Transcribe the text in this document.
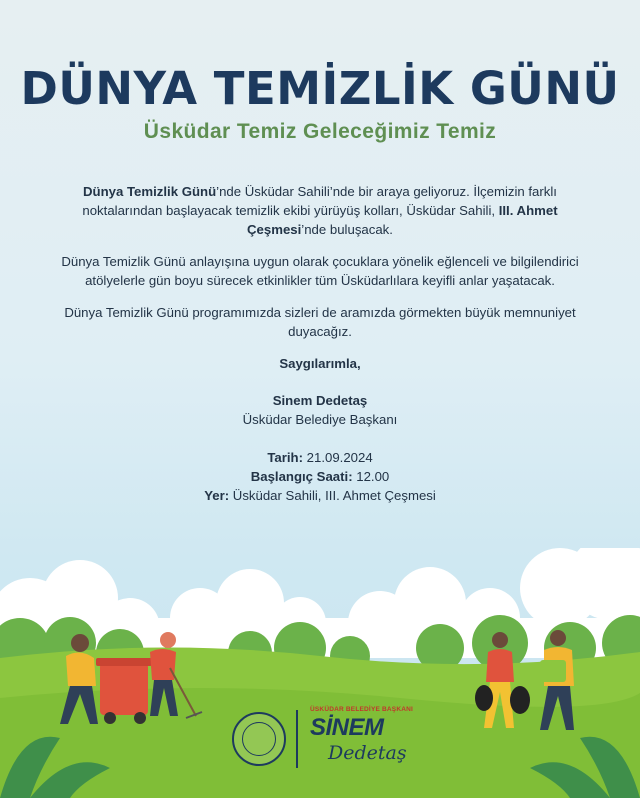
DÜNYA TEMİZLİK GÜNÜ
Üsküdar Temiz Geleceğimiz Temiz

Dünya Temizlik Günü’nde Üsküdar Sahili’nde bir araya geliyoruz. İlçemizin farklı noktalarından başlayacak temizlik ekibi yürüyüş kolları, Üsküdar Sahili, III. Ahmet Çeşmesi’nde buluşacak.

Dünya Temizlik Günü anlayışına uygun olarak çocuklara yönelik eğlenceli ve bilgilendirici atölyelerle gün boyu sürecek etkinlikler tüm Üsküdarlılara keyifli anlar yaşatacak.

Dünya Temizlik Günü programımızda sizleri de aramızda görmekten büyük memnuniyet duyacağız.

Saygılarımla,
Sinem Dedetaş
Üsküdar Belediye Başkanı
Tarih: 21.09.2024
Başlangıç Saati: 12.00
Yer: Üsküdar Sahili, III. Ahmet Çeşmesi
ÜSKÜDAR BELEDİYE BAŞKANI
SİNEM
Dedetaş
